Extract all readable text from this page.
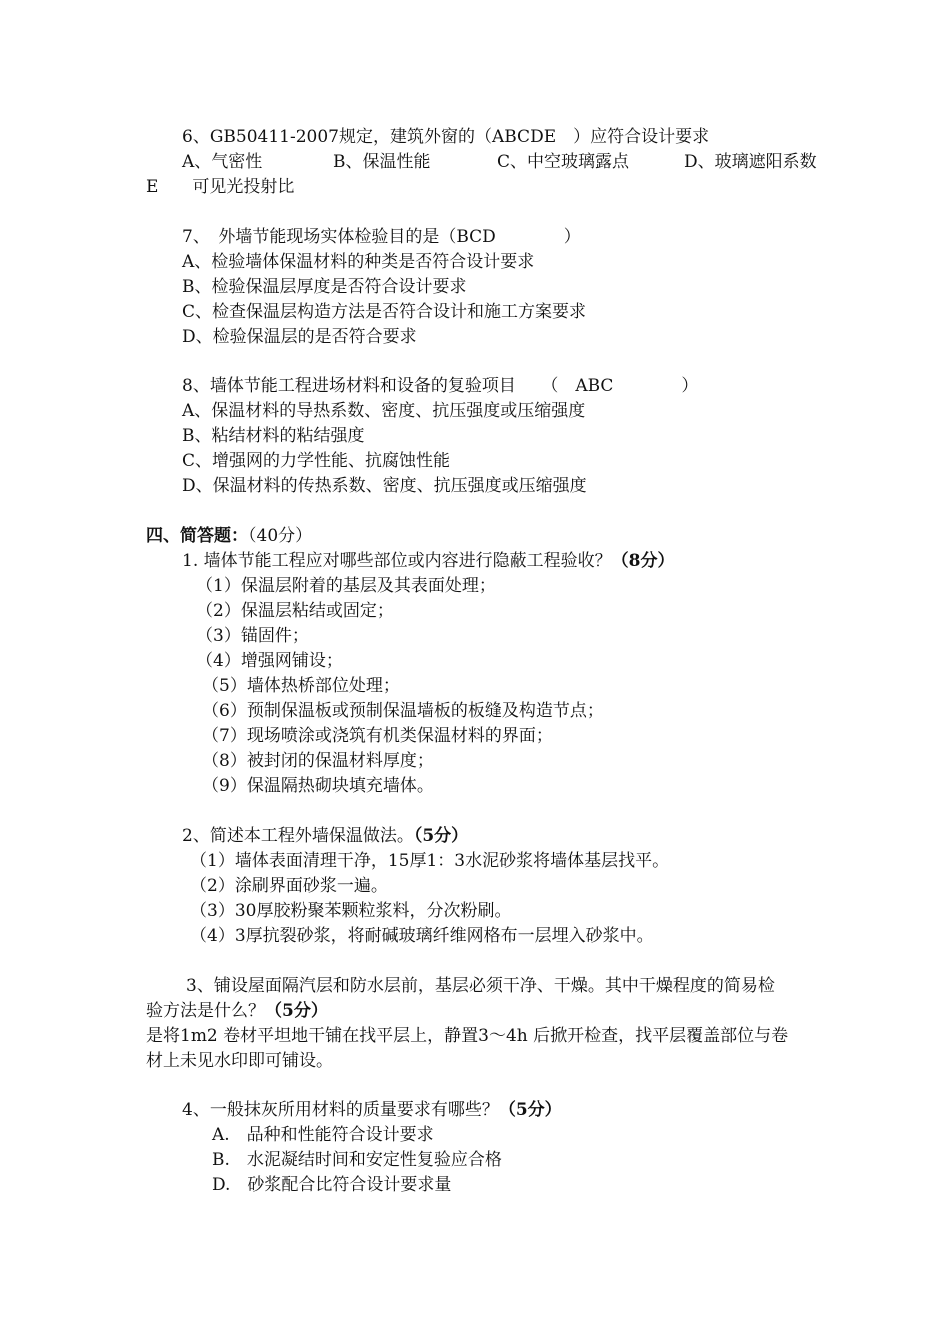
6、GB50411-2007规定，建筑外窗的（ABCDE　）应符合设计要求
A、气密性	B、保温性能	C、中空玻璃露点	D、玻璃遮阳系数
E　　可见光投射比
7、　外墙节能现场实体检验目的是（BCD　　　　）
A、检验墙体保温材料的种类是否符合设计要求
B、检验保温层厚度是否符合设计要求
C、检查保温层构造方法是否符合设计和施工方案要求
D、检验保温层的是否符合要求
8、墙体节能工程进场材料和设备的复验项目　　（　ABC　　　　）
A、保温材料的导热系数、密度、抗压强度或压缩强度
B、粘结材料的粘结强度
C、增强网的力学性能、抗腐蚀性能
D、保温材料的传热系数、密度、抗压强度或压缩强度
四、简答题：（40分）
1. 墙体节能工程应对哪些部位或内容进行隐蔽工程验收？（8分）
（1）保温层附着的基层及其表面处理；
（2）保温层粘结或固定；
（3）锚固件；
（4）增强网铺设；
（5）墙体热桥部位处理；
（6）预制保温板或预制保温墙板的板缝及构造节点；
（7）现场喷涂或浇筑有机类保温材料的界面；
（8）被封闭的保温材料厚度；
（9）保温隔热砌块填充墙体。
2、简述本工程外墙保温做法。（5分）
（1）墙体表面清理干净，15厚1：3水泥砂浆将墙体基层找平。
（2）涂刷界面砂浆一遍。
（3）30厚胶粉聚苯颗粒浆料，分次粉刷。
（4）3厚抗裂砂浆，将耐碱玻璃纤维网格布一层埋入砂浆中。
3、铺设屋面隔汽层和防水层前，基层必须干净、干燥。其中干燥程度的简易检
验方法是什么？（5分）
是将1m2 卷材平坦地干铺在找平层上，静置3～4h 后掀开检查，找平层覆盖部位与卷
材上未见水印即可铺设。
4、一般抹灰所用材料的质量要求有哪些？（5分）
A.　品种和性能符合设计要求
B.　水泥凝结时间和安定性复验应合格
D.　砂浆配合比符合设计要求量
